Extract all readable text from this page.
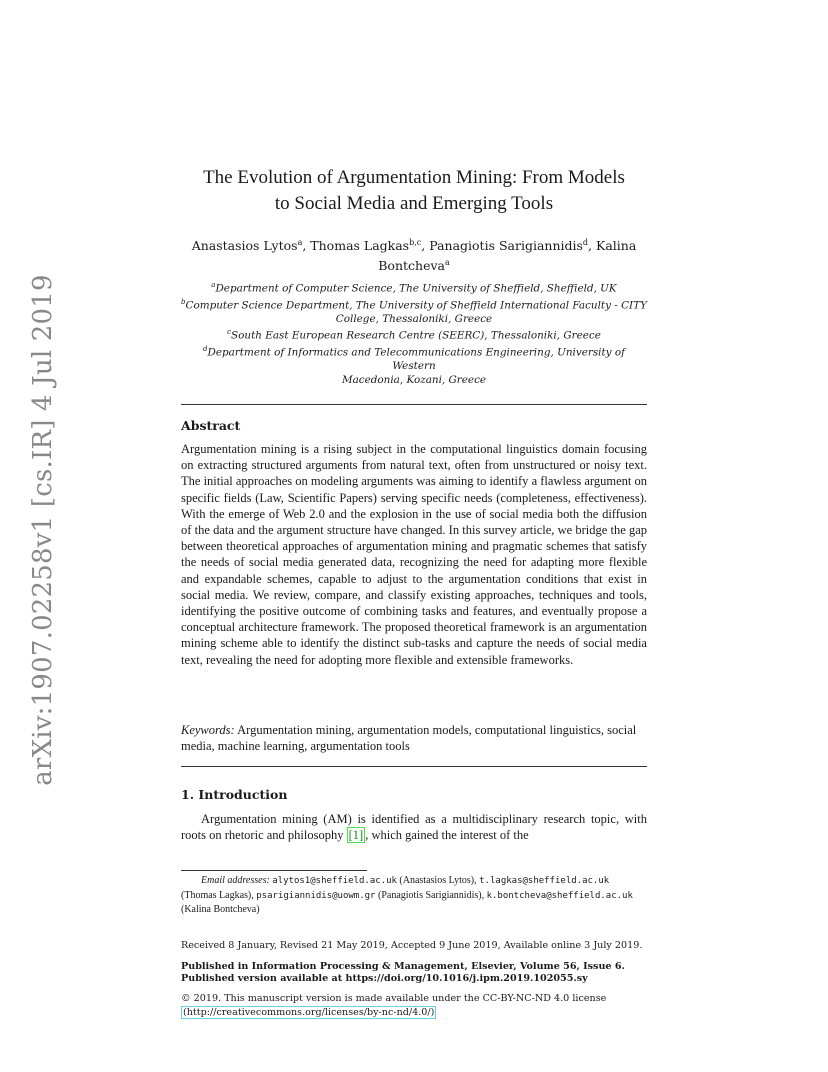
arXiv:1907.02258v1 [cs.IR] 4 Jul 2019
The Evolution of Argumentation Mining: From Models
to Social Media and Emerging Tools
Anastasios Lytos$^a$, Thomas Lagkas$^{b,c}$, Panagiotis Sarigiannidis$^d$, Kalina
Bontcheva$^a$
$^a$Department of Computer Science, The University of Sheffield, Sheffield, UK
$^b$Computer Science Department, The University of Sheffield International Faculty - CITY
College, Thessaloniki, Greece
$^c$South East European Research Centre (SEERC), Thessaloniki, Greece
$^d$Department of Informatics and Telecommunications Engineering, University of Western
Macedonia, Kozani, Greece
Abstract
Argumentation mining is a rising subject in the computational linguistics domain focusing on extracting structured arguments from natural text, often from unstructured or noisy text. The initial approaches on modeling arguments was aiming to identify a flawless argument on specific fields (Law, Scientific Papers) serving specific needs (completeness, effectiveness). With the emerge of Web 2.0 and the explosion in the use of social media both the diffusion of the data and the argument structure have changed. In this survey article, we bridge the gap between theoretical approaches of argumentation mining and pragmatic schemes that satisfy the needs of social media generated data, recognizing the need for adapting more flexible and expandable schemes, capable to adjust to the argumentation conditions that exist in social media. We review, compare, and classify existing approaches, techniques and tools, identifying the positive outcome of combining tasks and features, and eventually propose a conceptual architecture framework. The proposed theoretical framework is an argumentation mining scheme able to identify the distinct sub-tasks and capture the needs of social media text, revealing the need for adopting more flexible and extensible frameworks.
Keywords: Argumentation mining, argumentation models, computational linguistics, social media, machine learning, argumentation tools
1. Introduction
Argumentation mining (AM) is identified as a multidisciplinary research topic, with roots on rhetoric and philosophy [1] , which gained the interest of the
Email addresses: alytos1@sheffield.ac.uk (Anastasios Lytos), t.lagkas@sheffield.ac.uk (Thomas Lagkas), psarigiannidis@uowm.gr (Panagiotis Sarigiannidis), k.bontcheva@sheffield.ac.uk (Kalina Bontcheva)
Received 8 January, Revised 21 May 2019, Accepted 9 June 2019, Available online 3 July 2019.
Published in Information Processing & Management, Elsevier, Volume 56, Issue 6.
Published version available at https://doi.org/10.1016/j.ipm.2019.102055.sy
© 2019. This manuscript version is made available under the CC-BY-NC-ND 4.0 license
(http://creativecommons.org/licenses/by-nc-nd/4.0/)
